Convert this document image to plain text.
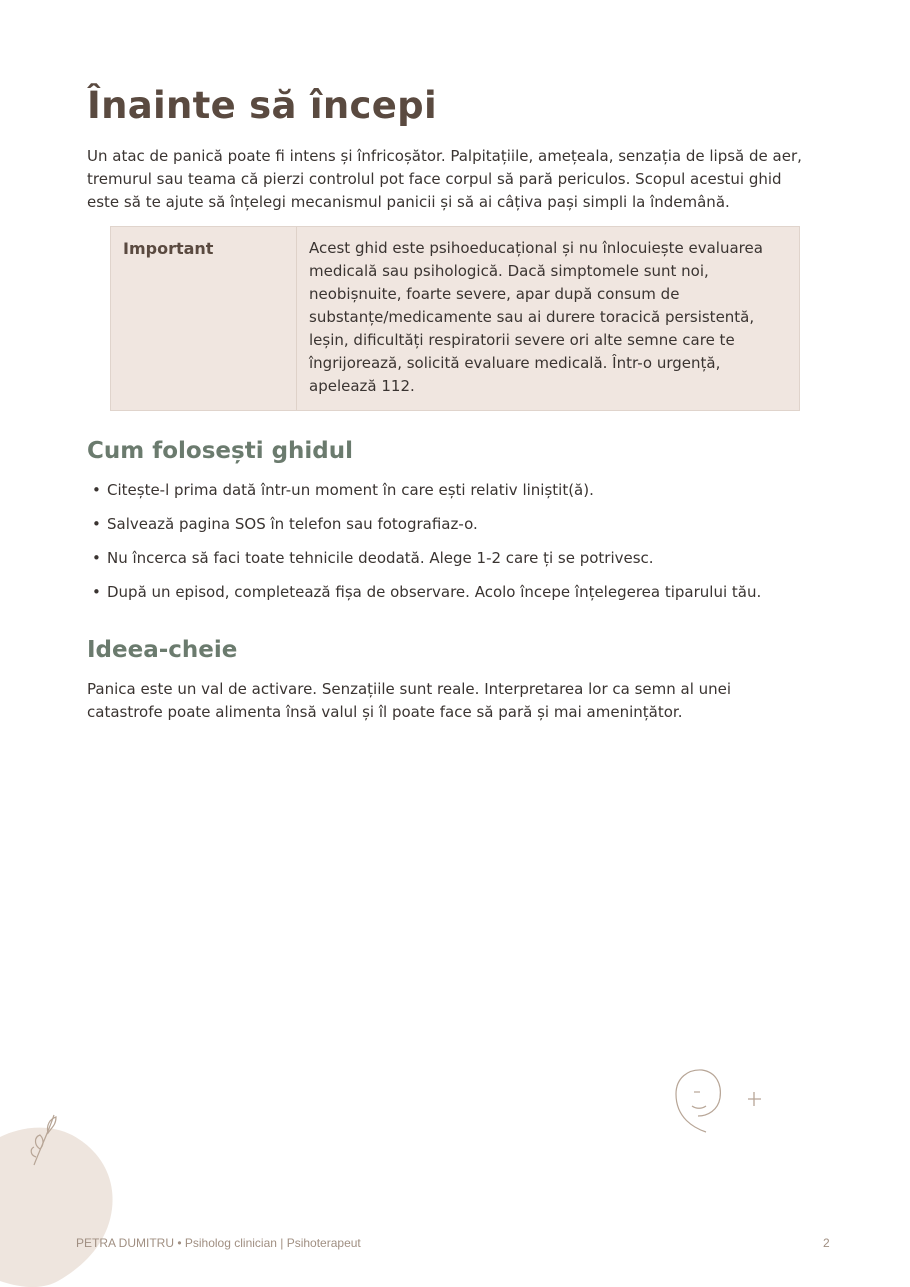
Înainte să începi

Un atac de panică poate fi intens și înfricoșător. Palpitațiile, amețeala, senzația de lipsă de aer, tremurul sau teama că pierzi controlul pot face corpul să pară periculos. Scopul acestui ghid este să te ajute să înțelegi mecanismul panicii și să ai câțiva pași simpli la îndemână.

Important	Acest ghid este psihoeducațional și nu înlocuiește evaluarea medicală sau psihologică. Dacă simptomele sunt noi, neobișnuite, foarte severe, apar după consum de substanțe/medicamente sau ai durere toracică persistentă, leșin, dificultăți respiratorii severe ori alte semne care te îngrijorează, solicită evaluare medicală. Într-o urgență, apelează 112.
Cum folosești ghidul
• Citește-l prima dată într-un moment în care ești relativ liniștit(ă).
• Salvează pagina SOS în telefon sau fotografiaz-o.
• Nu încerca să faci toate tehnicile deodată. Alege 1-2 care ți se potrivesc.
• După un episod, completează fișa de observare. Acolo începe înțelegerea tiparului tău.
Ideea-cheie

Panica este un val de activare. Senzațiile sunt reale. Interpretarea lor ca semn al unei catastrofe poate alimenta însă valul și îl poate face să pară și mai amenințător.

PETRA DUMITRU • Psiholog clinician | Psihoterapeut	2
